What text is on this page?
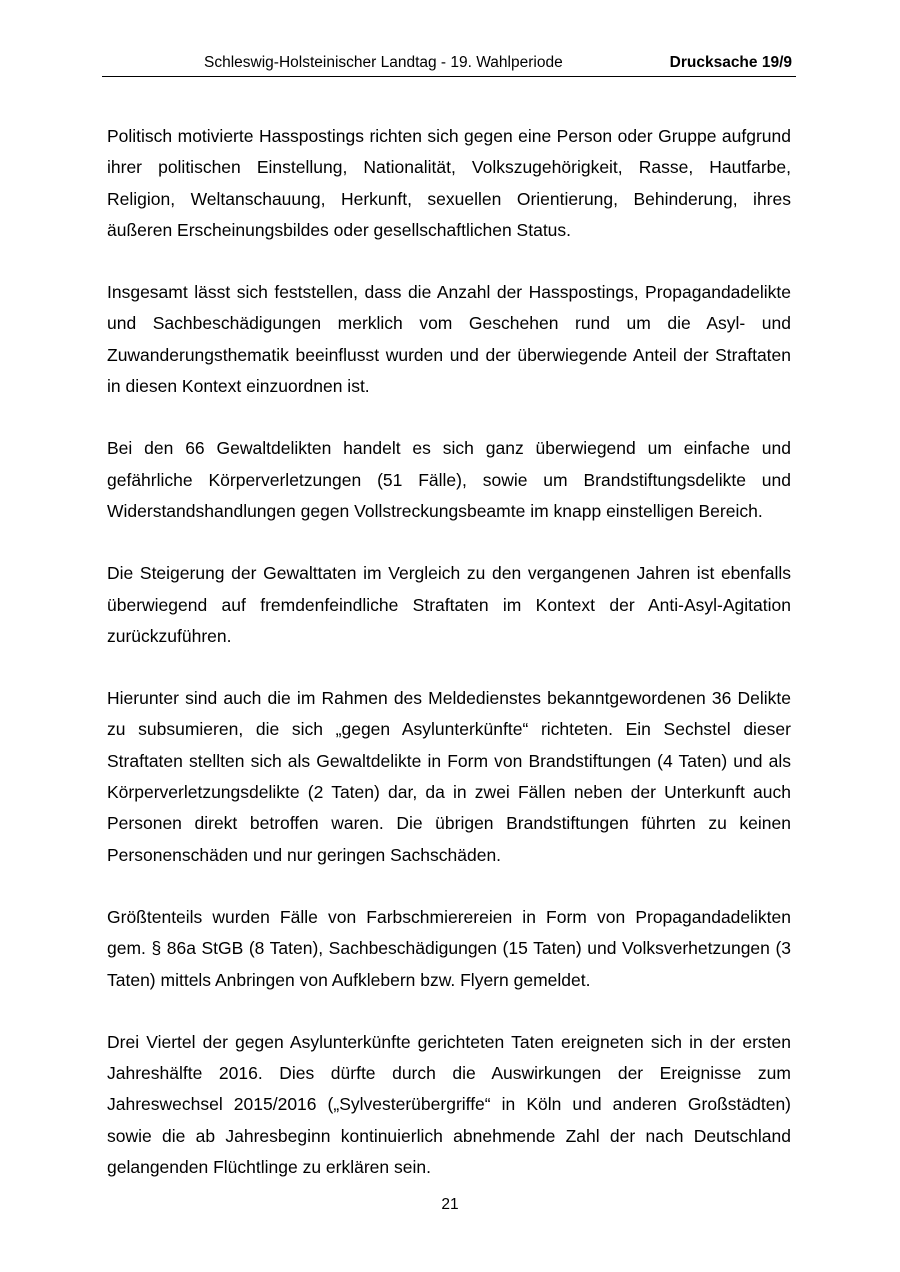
Schleswig-Holsteinischer Landtag - 19. Wahlperiode	Drucksache 19/9

Politisch motivierte Hasspostings richten sich gegen eine Person oder Gruppe aufgrund ihrer politischen Einstellung, Nationalität, Volkszugehörigkeit, Rasse, Hautfarbe, Religion, Weltanschauung, Herkunft, sexuellen Orientierung, Behinderung, ihres äußeren Erscheinungsbildes oder gesellschaftlichen Status.

Insgesamt lässt sich feststellen, dass die Anzahl der Hasspostings, Propagandadelikte und Sachbeschädigungen merklich vom Geschehen rund um die Asyl- und Zuwanderungsthematik beeinflusst wurden und der überwiegende Anteil der Straftaten in diesen Kontext einzuordnen ist.

Bei den 66 Gewaltdelikten handelt es sich ganz überwiegend um einfache und gefährliche Körperverletzungen (51 Fälle), sowie um Brandstiftungsdelikte und Widerstandshandlungen gegen Vollstreckungsbeamte im knapp einstelligen Bereich.

Die Steigerung der Gewalttaten im Vergleich zu den vergangenen Jahren ist ebenfalls überwiegend auf fremdenfeindliche Straftaten im Kontext der Anti-Asyl-Agitation zurückzuführen.

Hierunter sind auch die im Rahmen des Meldedienstes bekanntgewordenen 36 Delikte zu subsumieren, die sich „gegen Asylunterkünfte“ richteten. Ein Sechstel dieser Straftaten stellten sich als Gewaltdelikte in Form von Brandstiftungen (4 Taten) und als Körperverletzungsdelikte (2 Taten) dar, da in zwei Fällen neben der Unterkunft auch Personen direkt betroffen waren. Die übrigen Brandstiftungen führten zu keinen Personenschäden und nur geringen Sachschäden.

Größtenteils wurden Fälle von Farbschmierereien in Form von Propagandadelikten gem. § 86a StGB (8 Taten), Sachbeschädigungen (15 Taten) und Volksverhetzungen (3 Taten) mittels Anbringen von Aufklebern bzw. Flyern gemeldet.

Drei Viertel der gegen Asylunterkünfte gerichteten Taten ereigneten sich in der ersten Jahreshälfte 2016. Dies dürfte durch die Auswirkungen der Ereignisse zum Jahreswechsel 2015/2016 („Sylvesterübergriffe“ in Köln und anderen Großstädten) sowie die ab Jahresbeginn kontinuierlich abnehmende Zahl der nach Deutschland gelangenden Flüchtlinge zu erklären sein.

21
